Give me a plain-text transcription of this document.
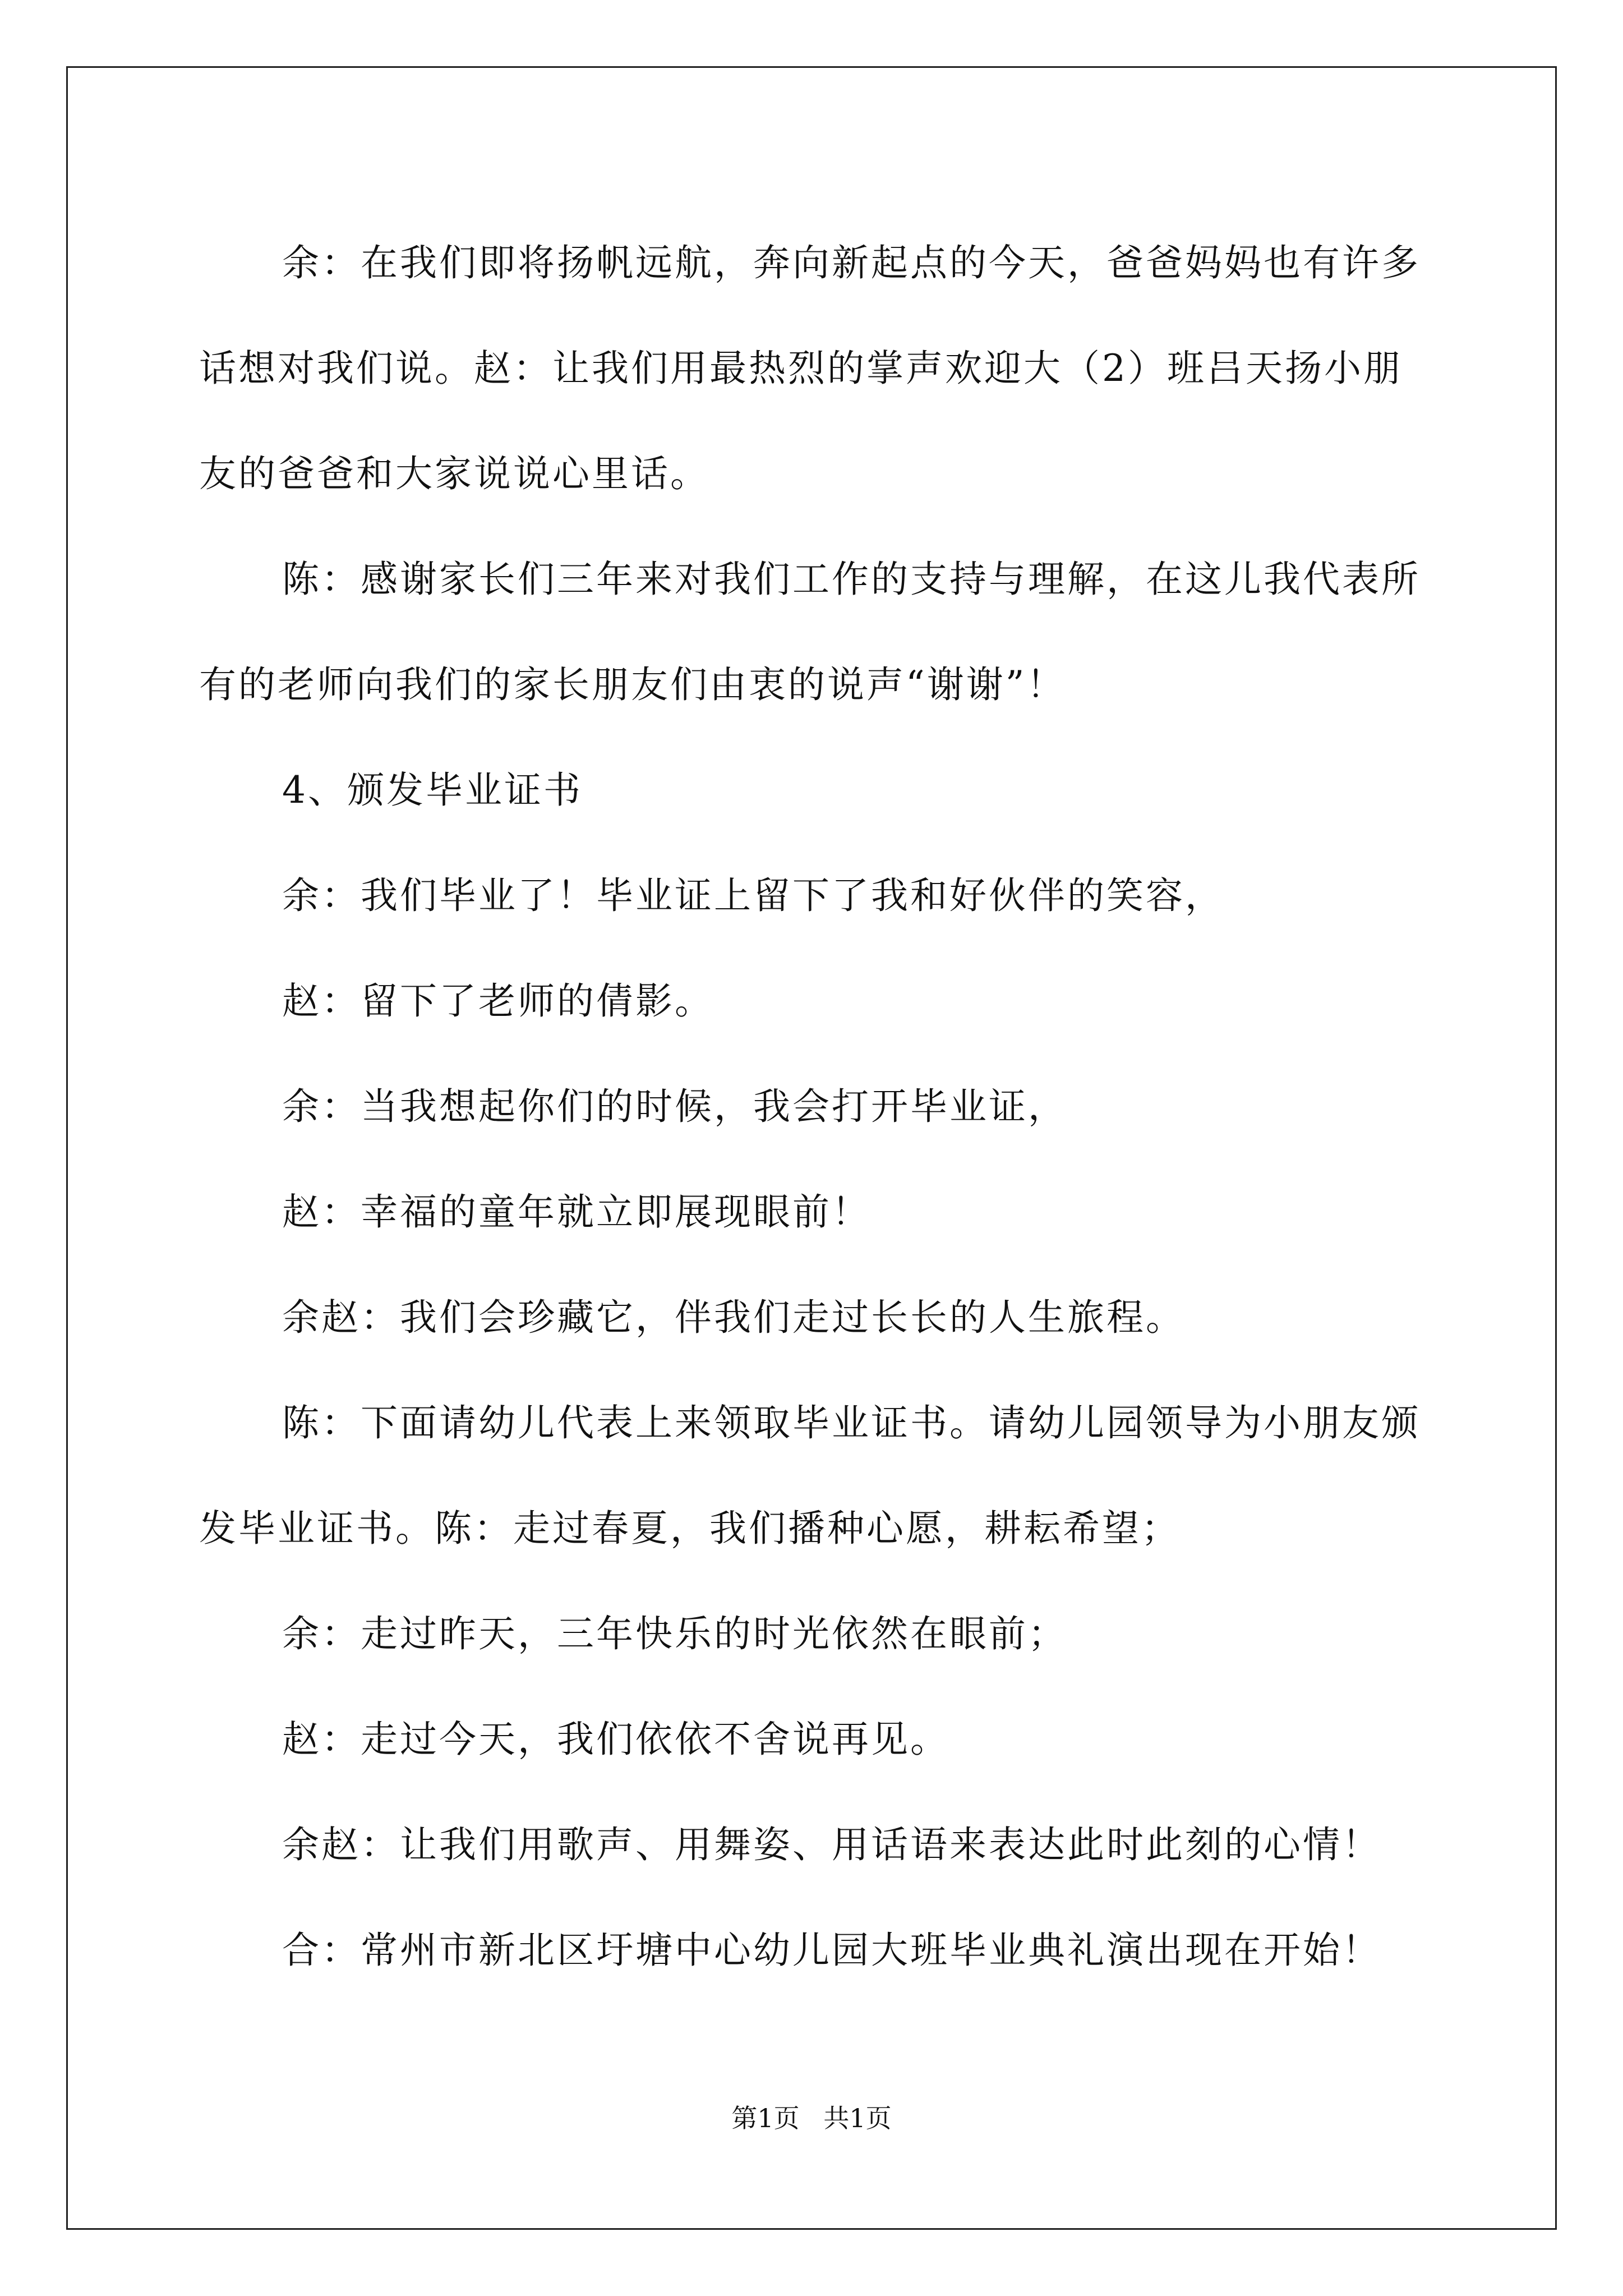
余：在我们即将扬帆远航，奔向新起点的今天，爸爸妈妈也有许多话想对我们说。赵：让我们用最热烈的掌声欢迎大（2）班吕天扬小朋友的爸爸和大家说说心里话。

陈：感谢家长们三年来对我们工作的支持与理解，在这儿我代表所有的老师向我们的家长朋友们由衷的说声“谢谢”！

4、颁发毕业证书

余：我们毕业了！毕业证上留下了我和好伙伴的笑容，

赵：留下了老师的倩影。

余：当我想起你们的时候，我会打开毕业证，

赵：幸福的童年就立即展现眼前！

余赵：我们会珍藏它，伴我们走过长长的人生旅程。

陈：下面请幼儿代表上来领取毕业证书。请幼儿园领导为小朋友颁发毕业证书。陈：走过春夏，我们播种心愿，耕耘希望；

余：走过昨天，三年快乐的时光依然在眼前；

赵：走过今天，我们依依不舍说再见。

余赵：让我们用歌声、用舞姿、用话语来表达此时此刻的心情！

合：常州市新北区圩塘中心幼儿园大班毕业典礼演出现在开始！

第1页 共1页
